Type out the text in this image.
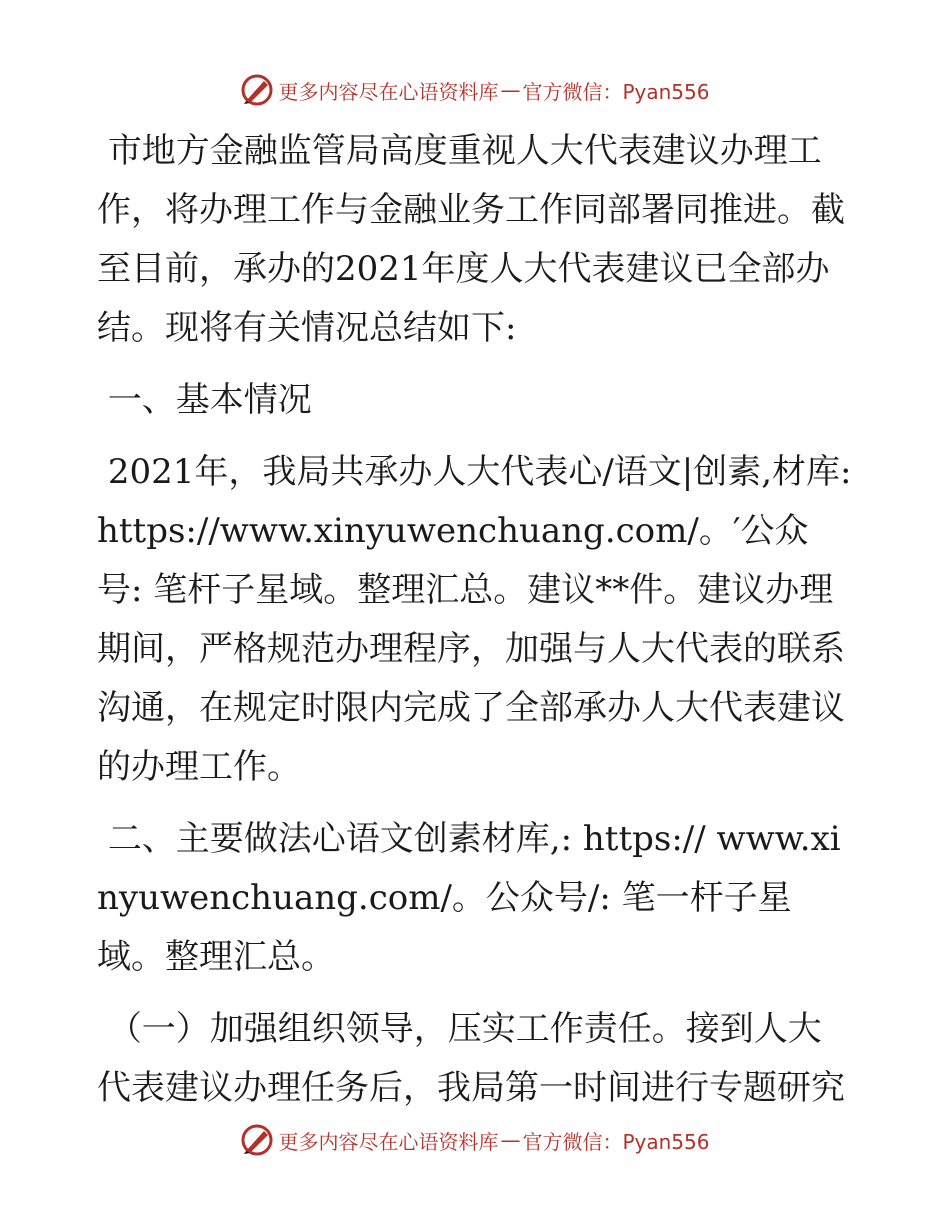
更多内容尽在心语资料库 — 官方微信：Pyan556

市地方金融监管局高度重视人大代表建议办理工作，将办理工作与金融业务工作同部署同推进。截至目前，承办的2021年度人大代表建议已全部办结。现将有关情况总结如下:

一、基本情况

2021年，我局共承办人大代表心/语文|创素,材库: https://www.xinyuwenchuang.com/。′公众号: 笔杆子星域。整理汇总。建议**件。建议办理期间，严格规范办理程序，加强与人大代表的联系沟通，在规定时限内完成了全部承办人大代表建议的办理工作。

二、主要做法心语文创素材库,: https:// www.xinyuwenchuang.com/。公众号/: 笔一杆子星域。整理汇总。

（一）加强组织领导，压实工作责任。接到人大代表建议办理任务后，我局第一时间进行专题研究

更多内容尽在心语资料库 — 官方微信：Pyan556
